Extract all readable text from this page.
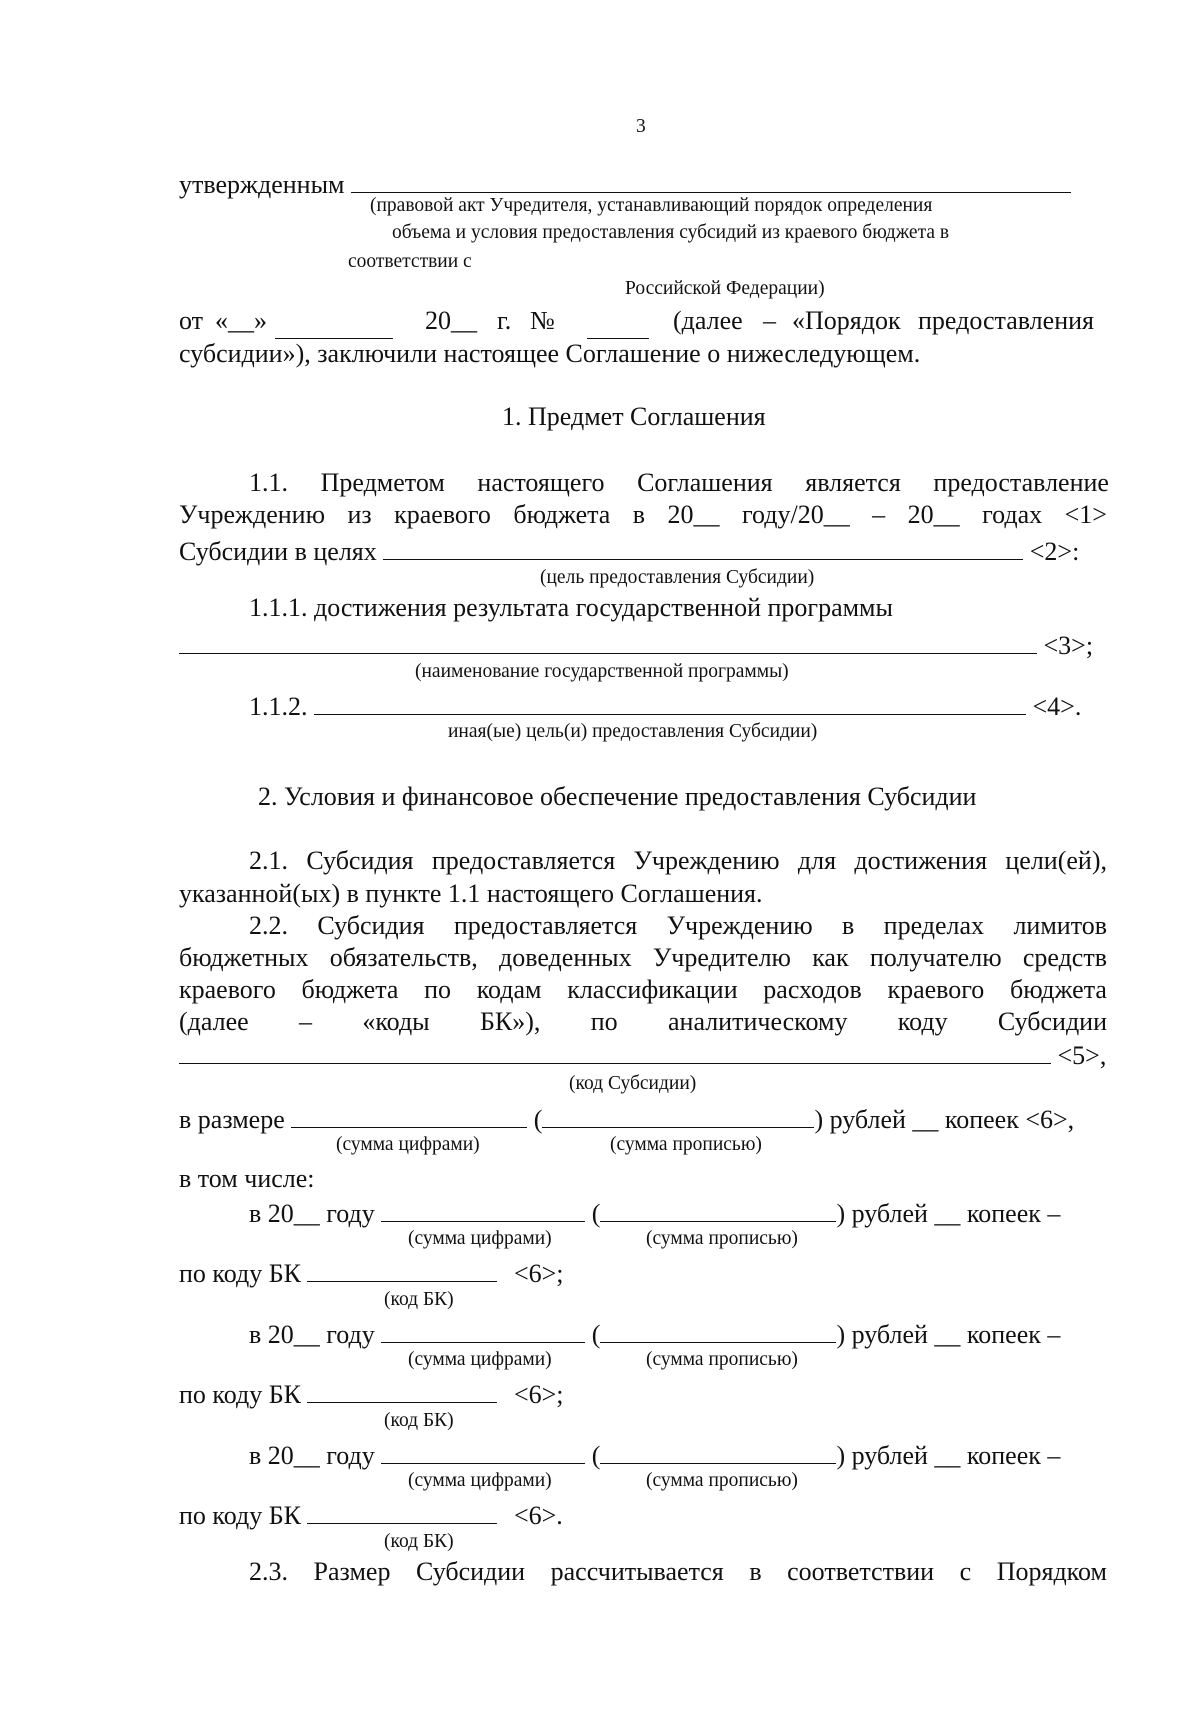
3
утвержденным
(правовой акт Учредителя, устанавливающий порядок определения
объема и условия предоставления субсидий из краевого бюджета в
соответствии с
Российской Федерации)
от «__»	20__ г. №	(далее – «Порядок предоставления
субсидии»), заключили настоящее Соглашение о нижеследующем.
1. Предмет Соглашения
1.1. Предметом настоящего Соглашения является предоставление
Учреждению из краевого бюджета в 20__ году/20__ – 20__ годах <1>
Субсидии в целях	<2>:
(цель предоставления Субсидии)
1.1.1. достижения результата государственной программы
<3>;
(наименование государственной программы)
1.1.2.	<4>.
иная(ые) цель(и) предоставления Субсидии)
2. Условия и финансовое обеспечение предоставления Субсидии
2.1. Субсидия предоставляется Учреждению для достижения цели(ей),
указанной(ых) в пункте 1.1 настоящего Соглашения.
2.2. Субсидия предоставляется Учреждению в пределах лимитов
бюджетных обязательств, доведенных Учредителю как получателю средств
краевого бюджета по кодам классификации расходов краевого бюджета
(далее – «коды БК»), по аналитическому коду Субсидии
<5>,
(код Субсидии)
в размере	(	) рублей __ копеек <6>,
(сумма цифрами)	(сумма прописью)
в том числе:
в 20__ году	(	) рублей __ копеек –
(сумма цифрами)	(сумма прописью)
по коду БК	<6>;
(код БК)
в 20__ году	(	) рублей __ копеек –
(сумма цифрами)	(сумма прописью)
по коду БК	<6>;
(код БК)
в 20__ году	(	) рублей __ копеек –
(сумма цифрами)	(сумма прописью)
по коду БК	<6>.
(код БК)
2.3. Размер Субсидии рассчитывается в соответствии с Порядком
